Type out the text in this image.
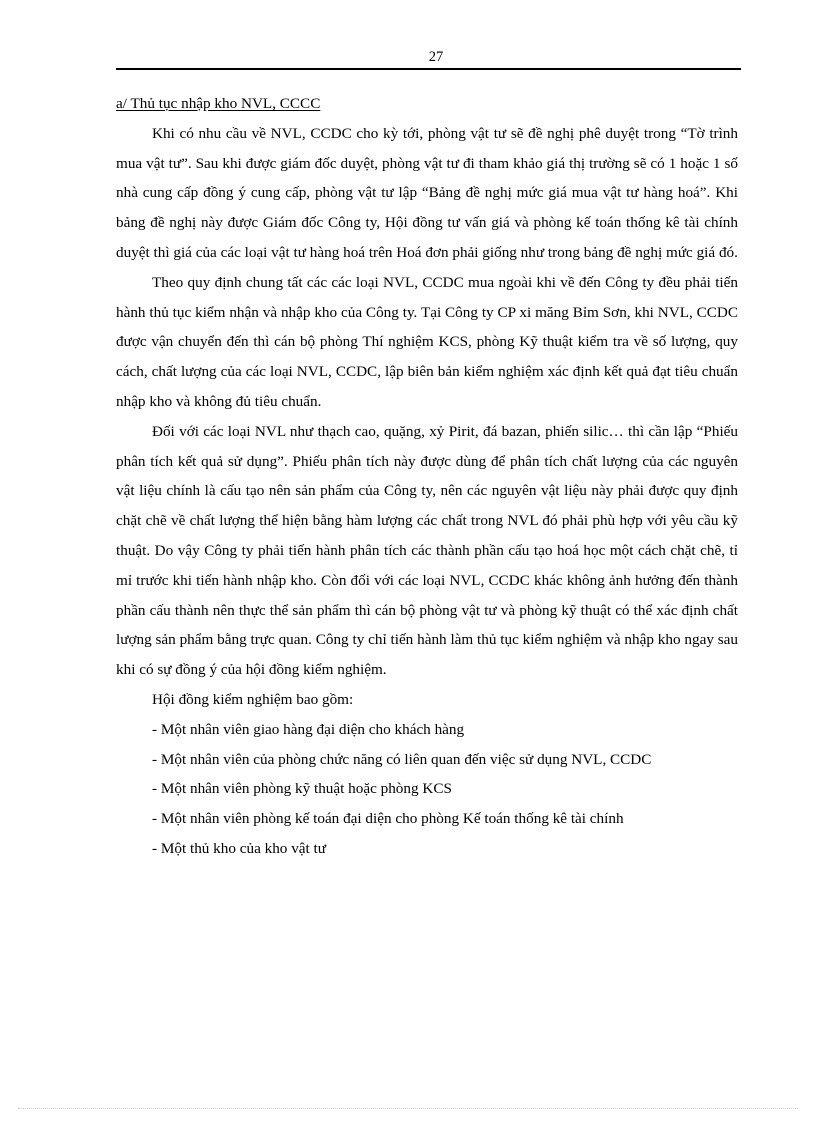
27

a/ Thủ tục nhập kho NVL, CCCC

Khi có nhu cầu về NVL, CCDC cho kỳ tới, phòng vật tư sẽ đề nghị phê duyệt trong “Tờ trình mua vật tư”. Sau khi được giám đốc duyệt, phòng vật tư đi tham khảo giá thị trường sẽ có 1 hoặc 1 số nhà cung cấp đồng ý cung cấp, phòng vật tư lập “Bảng đề nghị mức giá mua vật tư hàng hoá”. Khi bảng đề nghị này được Giám đốc Công ty, Hội đồng tư vấn giá và phòng kế toán thống kê tài chính duyệt thì giá của các loại vật tư hàng hoá trên Hoá đơn phải giống như trong bảng đề nghị mức giá đó.

Theo quy định chung tất các các loại NVL, CCDC mua ngoài khi về đến Công ty đều phải tiến hành thủ tục kiểm nhận và nhập kho của Công ty. Tại Công ty CP xi măng Bỉm Sơn, khi NVL, CCDC được vận chuyển đến thì cán bộ phòng Thí nghiệm KCS, phòng Kỹ thuật kiểm tra về số lượng, quy cách, chất lượng của các loại NVL, CCDC, lập biên bản kiểm nghiệm xác định kết quả đạt tiêu chuẩn nhập kho và không đủ tiêu chuẩn.

Đối với các loại NVL như thạch cao, quặng, xỷ Pirit, đá bazan, phiến silic… thì cần lập “Phiếu phân tích kết quả sử dụng”. Phiếu phân tích này được dùng để phân tích chất lượng của các nguyên vật liệu chính là cấu tạo nên sản phẩm của Công ty, nên các nguyên vật liệu này phải được quy định chặt chẽ về chất lượng thể hiện bằng hàm lượng các chất trong NVL đó phải phù hợp với yêu cầu kỹ thuật. Do vậy Công ty phải tiến hành phân tích các thành phần cấu tạo hoá học một cách chặt chẽ, tỉ mỉ trước khi tiến hành nhập kho. Còn đối với các loại NVL, CCDC khác không ảnh hưởng đến thành phần cấu thành nên thực thể sản phẩm thì cán bộ phòng vật tư và phòng kỹ thuật có thể xác định chất lượng sản phẩm bằng trực quan. Công ty chỉ tiến hành làm thủ tục kiểm nghiệm và nhập kho ngay sau khi có sự đồng ý của hội đồng kiểm nghiệm.

Hội đồng kiểm nghiệm bao gồm:

- Một nhân viên giao hàng đại diện cho khách hàng

- Một nhân viên của phòng chức năng có liên quan đến việc sử dụng NVL, CCDC

- Một nhân viên phòng kỹ thuật hoặc phòng KCS

- Một nhân viên phòng kế toán đại diện cho phòng Kế toán thống kê tài chính

- Một thủ kho của kho vật tư
